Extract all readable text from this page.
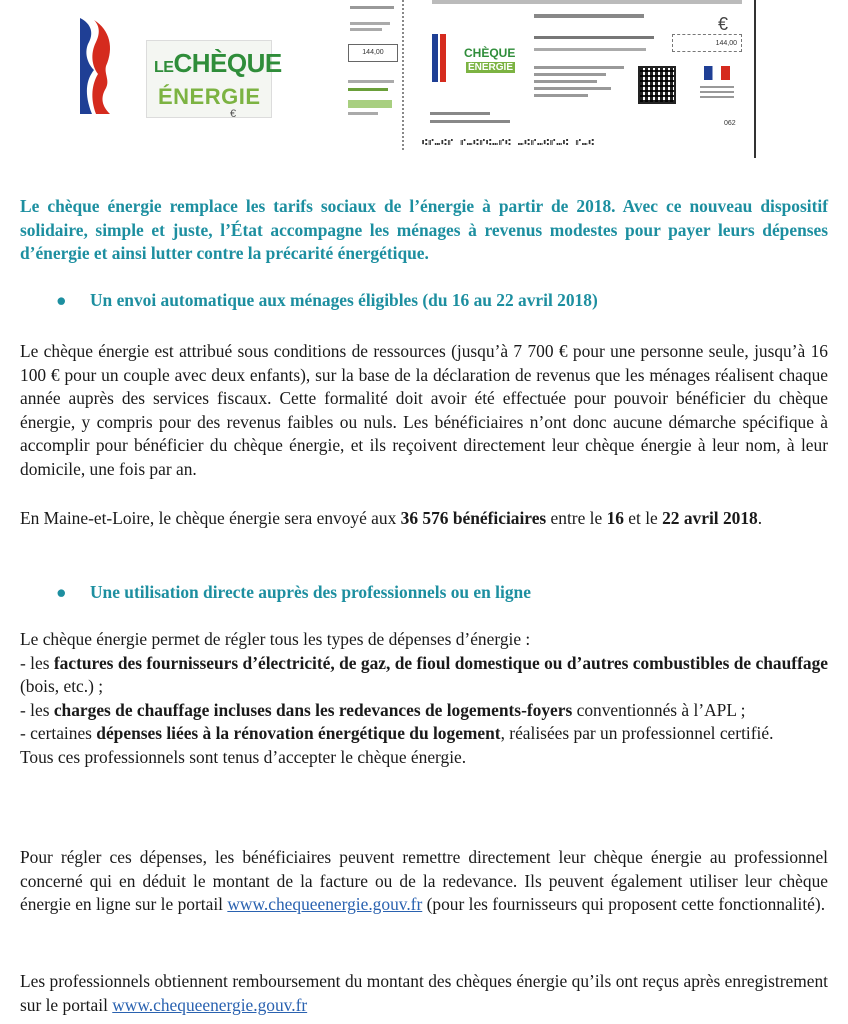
LECHÈQUE
ÉNERGIE
€
144,00
€
144,00
CHÈQUE
ÉNERGIE
062
⑆⑈⑉⑆⑈ ⑈⑉⑆⑈⑆⑉⑈⑆ ⑉⑆⑈⑉⑆⑈⑉⑆ ⑈⑉⑆

Le chèque énergie remplace les tarifs sociaux de l’énergie à partir de 2018. Avec ce nouveau dispositif solidaire, simple et juste, l’État accompagne les ménages à revenus modestes pour payer leurs dépenses d’énergie et ainsi lutter contre la précarité énergétique.

● Un envoi automatique aux ménages éligibles (du 16 au 22 avril 2018)

Le chèque énergie est attribué sous conditions de ressources (jusqu’à 7 700 € pour une personne seule, jusqu’à 16 100 € pour un couple avec deux enfants), sur la base de la déclaration de revenus que les ménages réalisent chaque année auprès des services fiscaux. Cette formalité doit avoir été effectuée pour pouvoir bénéficier du chèque énergie, y compris pour des revenus faibles ou nuls. Les bénéficiaires n’ont donc aucune démarche spécifique à accomplir pour bénéficier du chèque énergie, et ils reçoivent directement leur chèque énergie à leur nom, à leur domicile, une fois par an.

En Maine-et-Loire, le chèque énergie sera envoyé aux 36 576 bénéficiaires entre le 16 et le 22 avril 2018.

● Une utilisation directe auprès des professionnels ou en ligne

Le chèque énergie permet de régler tous les types de dépenses d’énergie :

- les factures des fournisseurs d’électricité, de gaz, de fioul domestique ou d’autres combustibles de chauffage (bois, etc.) ;

- les charges de chauffage incluses dans les redevances de logements-foyers conventionnés à l’APL ;

- certaines dépenses liées à la rénovation énergétique du logement, réalisées par un professionnel certifié.

Tous ces professionnels sont tenus d’accepter le chèque énergie.

Pour régler ces dépenses, les bénéficiaires peuvent remettre directement leur chèque énergie au professionnel concerné qui en déduit le montant de la facture ou de la redevance. Ils peuvent également utiliser leur chèque énergie en ligne sur le portail www.chequeenergie.gouv.fr (pour les fournisseurs qui proposent cette fonctionnalité).

Les professionnels obtiennent remboursement du montant des chèques énergie qu’ils ont reçus après enregistrement sur le portail www.chequeenergie.gouv.fr
